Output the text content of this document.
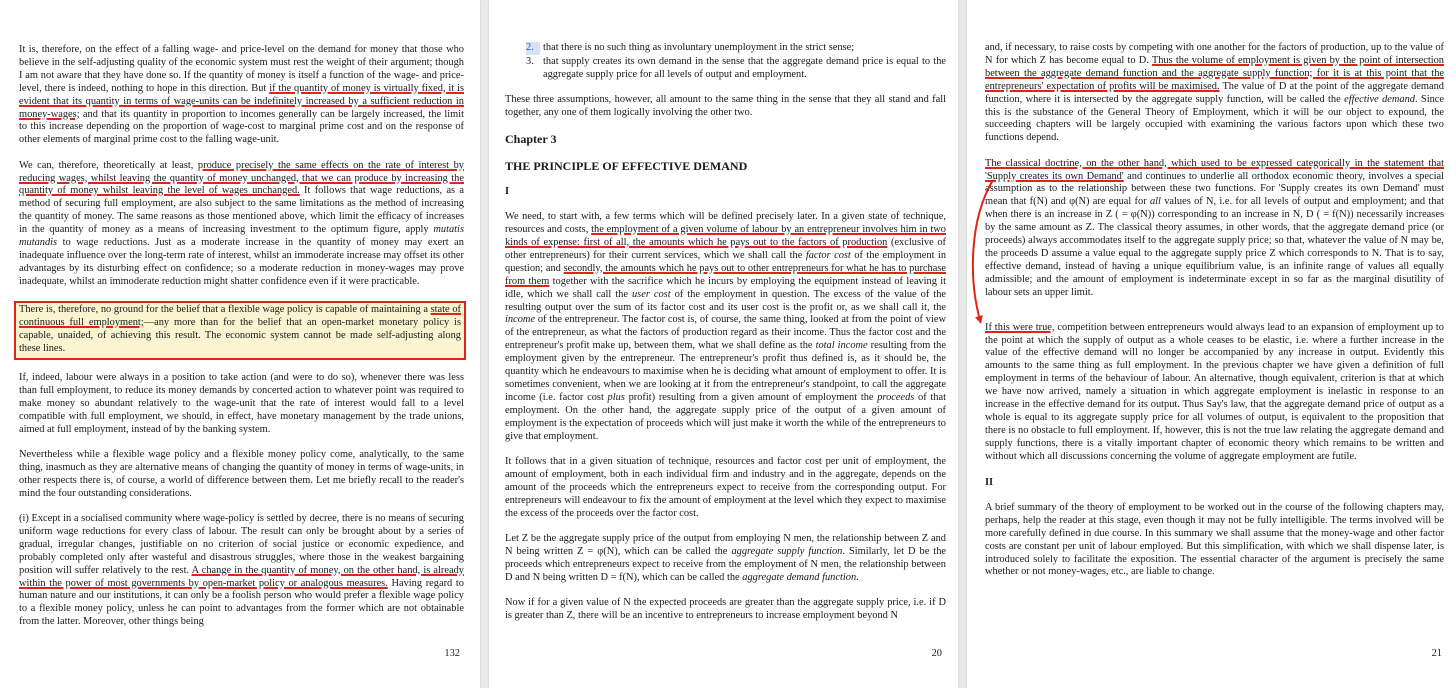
It is, therefore, on the effect of a falling wage- and price-level on the demand for money that those who believe in the self-adjusting quality of the economic system must rest the weight of their argument; though I am not aware that they have done so. If the quantity of money is itself a function of the wage- and price-level, there is indeed, nothing to hope in this direction. But if the quantity of money is virtually fixed, it is evident that its quantity in terms of wage-units can be indefinitely increased by a sufficient reduction in money-wages; and that its quantity in proportion to incomes generally can be largely increased, the limit to this increase depending on the proportion of wage-cost to marginal prime cost and on the response of other elements of marginal prime cost to the falling wage-unit.

We can, therefore, theoretically at least, produce precisely the same effects on the rate of interest by reducing wages, whilst leaving the quantity of money unchanged, that we can produce by increasing the quantity of money whilst leaving the level of wages unchanged. It follows that wage reductions, as a method of securing full employment, are also subject to the same limitations as the method of increasing the quantity of money. The same reasons as those mentioned above, which limit the efficacy of increases in the quantity of money as a means of increasing investment to the optimum figure, apply mutatis mutandis to wage reductions. Just as a moderate increase in the quantity of money may exert an inadequate influence over the long-term rate of interest, whilst an immoderate increase may offset its other advantages by its disturbing effect on confidence; so a moderate reduction in money-wages may prove inadequate, whilst an immoderate reduction might shatter confidence even if it were practicable.

There is, therefore, no ground for the belief that a flexible wage policy is capable of maintaining a state of continuous full employment;—any more than for the belief that an open-market monetary policy is capable, unaided, of achieving this result. The economic system cannot be made self-adjusting along these lines.

If, indeed, labour were always in a position to take action (and were to do so), whenever there was less than full employment, to reduce its money demands by concerted action to whatever point was required to make money so abundant relatively to the wage-unit that the rate of interest would fall to a level compatible with full employment, we should, in effect, have monetary management by the trade unions, aimed at full employment, instead of by the banking system.

Nevertheless while a flexible wage policy and a flexible money policy come, analytically, to the same thing, inasmuch as they are alternative means of changing the quantity of money in terms of wage-units, in other respects there is, of course, a world of difference between them. Let me briefly recall to the reader's mind the four outstanding considerations.

(i) Except in a socialised community where wage-policy is settled by decree, there is no means of securing uniform wage reductions for every class of labour. The result can only be brought about by a series of gradual, irregular changes, justifiable on no criterion of social justice or economic expedience, and probably completed only after wasteful and disastrous struggles, where those in the weakest bargaining position will suffer relatively to the rest. A change in the quantity of money, on the other hand, is already within the power of most governments by open-market policy or analogous measures. Having regard to human nature and our institutions, it can only be a foolish person who would prefer a flexible wage policy to a flexible money policy, unless he can point to advantages from the former which are not obtainable from the latter. Moreover, other things being

132
2. that there is no such thing as involuntary unemployment in the strict sense;
3. that supply creates its own demand in the sense that the aggregate demand price is equal to the aggregate supply price for all levels of output and employment.

These three assumptions, however, all amount to the same thing in the sense that they all stand and fall together, any one of them logically involving the other two.

Chapter 3
THE PRINCIPLE OF EFFECTIVE DEMAND
I

We need, to start with, a few terms which will be defined precisely later. In a given state of technique, resources and costs, the employment of a given volume of labour by an entrepreneur involves him in two kinds of expense: first of all, the amounts which he pays out to the factors of production (exclusive of other entrepreneurs) for their current services, which we shall call the factor cost of the employment in question; and secondly, the amounts which he pays out to other entrepreneurs for what he has to purchase from them together with the sacrifice which he incurs by employing the equipment instead of leaving it idle, which we shall call the user cost of the employment in question. The excess of the value of the resulting output over the sum of its factor cost and its user cost is the profit or, as we shall call it, the income of the entrepreneur. The factor cost is, of course, the same thing, looked at from the point of view of the entrepreneur, as what the factors of production regard as their income. Thus the factor cost and the entrepreneur's profit make up, between them, what we shall define as the total income resulting from the employment given by the entrepreneur. The entrepreneur's profit thus defined is, as it should be, the quantity which he endeavours to maximise when he is deciding what amount of employment to offer. It is sometimes convenient, when we are looking at it from the entrepreneur's standpoint, to call the aggregate income (i.e. factor cost plus profit) resulting from a given amount of employment the proceeds of that employment. On the other hand, the aggregate supply price of the output of a given amount of employment is the expectation of proceeds which will just make it worth the while of the entrepreneurs to give that employment.

It follows that in a given situation of technique, resources and factor cost per unit of employment, the amount of employment, both in each individual firm and industry and in the aggregate, depends on the amount of the proceeds which the entrepreneurs expect to receive from the corresponding output. For entrepreneurs will endeavour to fix the amount of employment at the level which they expect to maximise the excess of the proceeds over the factor cost.

Let Z be the aggregate supply price of the output from employing N men, the relationship between Z and N being written Z = φ(N), which can be called the aggregate supply function. Similarly, let D be the proceeds which entrepreneurs expect to receive from the employment of N men, the relationship between D and N being written D = f(N), which can be called the aggregate demand function.

Now if for a given value of N the expected proceeds are greater than the aggregate supply price, i.e. if D is greater than Z, there will be an incentive to entrepreneurs to increase employment beyond N

20

and, if necessary, to raise costs by competing with one another for the factors of production, up to the value of N for which Z has become equal to D. Thus the volume of employment is given by the point of intersection between the aggregate demand function and the aggregate supply function; for it is at this point that the entrepreneurs' expectation of profits will be maximised. The value of D at the point of the aggregate demand function, where it is intersected by the aggregate supply function, will be called the effective demand. Since this is the substance of the General Theory of Employment, which it will be our object to expound, the succeeding chapters will be largely occupied with examining the various factors upon which these two functions depend.

The classical doctrine, on the other hand, which used to be expressed categorically in the statement that 'Supply creates its own Demand' and continues to underlie all orthodox economic theory, involves a special assumption as to the relationship between these two functions. For 'Supply creates its own Demand' must mean that f(N) and φ(N) are equal for all values of N, i.e. for all levels of output and employment; and that when there is an increase in Z ( = φ(N)) corresponding to an increase in N, D ( = f(N)) necessarily increases by the same amount as Z. The classical theory assumes, in other words, that the aggregate demand price (or proceeds) always accommodates itself to the aggregate supply price; so that, whatever the value of N may be, the proceeds D assume a value equal to the aggregate supply price Z which corresponds to N. That is to say, effective demand, instead of having a unique equilibrium value, is an infinite range of values all equally admissible; and the amount of employment is indeterminate except in so far as the marginal disutility of labour sets an upper limit.

If this were true, competition between entrepreneurs would always lead to an expansion of employment up to the point at which the supply of output as a whole ceases to be elastic, i.e. where a further increase in the value of the effective demand will no longer be accompanied by any increase in output. Evidently this amounts to the same thing as full employment. In the previous chapter we have given a definition of full employment in terms of the behaviour of labour. An alternative, though equivalent, criterion is that at which we have now arrived, namely a situation in which aggregate employment is inelastic in response to an increase in the effective demand for its output. Thus Say's law, that the aggregate demand price of output as a whole is equal to its aggregate supply price for all volumes of output, is equivalent to the proposition that there is no obstacle to full employment. If, however, this is not the true law relating the aggregate demand and supply functions, there is a vitally important chapter of economic theory which remains to be written and without which all discussions concerning the volume of aggregate employment are futile.

II

A brief summary of the theory of employment to be worked out in the course of the following chapters may, perhaps, help the reader at this stage, even though it may not be fully intelligible. The terms involved will be more carefully defined in due course. In this summary we shall assume that the money-wage and other factor costs are constant per unit of labour employed. But this simplification, with which we shall dispense later, is introduced solely to facilitate the exposition. The essential character of the argument is precisely the same whether or not money-wages, etc., are liable to change.

21
